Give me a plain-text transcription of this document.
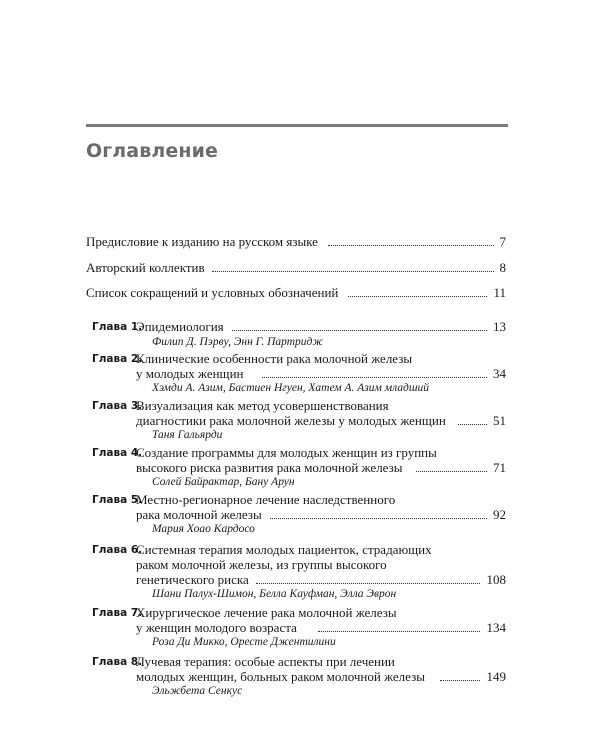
Оглавление
Предисловие к изданию на русском языке	7
Авторский коллектив	8
Список сокращений и условных обозначений	11
Глава 1.
Эпидемиология	13
Филип Д. Пэрву, Энн Г. Партридж
Глава 2.
Клинические особенности рака молочной железы
у молодых женщин	34
Хэмди А. Азим, Бастиен Нгуен, Хатем А. Азим младший
Глава 3.
Визуализация как метод усовершенствования
диагностики рака молочной железы у молодых женщин	51
Таня Гальярди
Глава 4.
Создание программы для молодых женщин из группы
высокого риска развития рака молочной железы	71
Солей Байрактар, Бану Арун
Глава 5.
Местно-регионарное лечение наследственного
рака молочной железы	92
Мария Хоао Кардосо
Глава 6.
Системная терапия молодых пациенток, страдающих
раком молочной железы, из группы высокого
генетического риска	108
Шани Палух-Шимон, Белла Кауфман, Элла Эврон
Глава 7.
Хирургическое лечение рака молочной железы
у женщин молодого возраста	134
Роза Ди Микко, Оресте Джентилини
Глава 8.
Лучевая терапия: особые аспекты при лечении
молодых женщин, больных раком молочной железы	149
Эльжбета Сенкус
